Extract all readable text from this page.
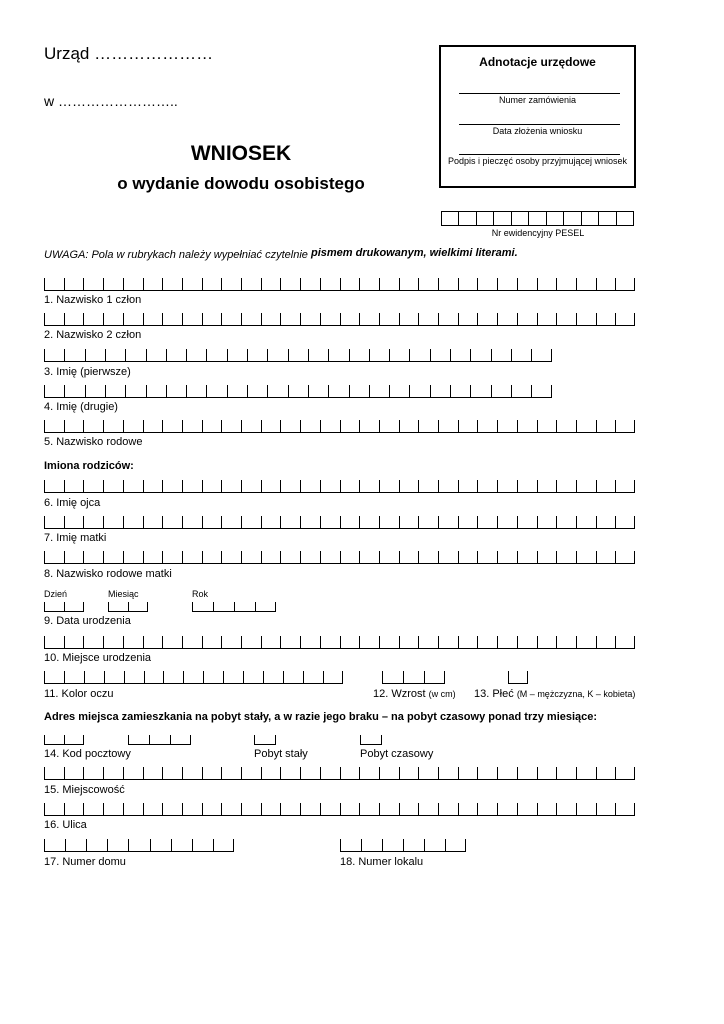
Urząd …………………
w ……………………..
WNIOSEK
o wydanie dowodu osobistego
Adnotacje urzędowe
Numer zamówienia
Data złożenia wniosku
Podpis i pieczęć osoby przyjmującej wniosek
Nr ewidencyjny PESEL
UWAGA: Pola w rubrykach należy wypełniać czytelnie pismem drukowanym, wielkimi literami.
1. Nazwisko 1 człon
2. Nazwisko 2 człon
3. Imię (pierwsze)
4. Imię (drugie)
5. Nazwisko rodowe
Imiona rodziców:
6. Imię ojca
7. Imię matki
8. Nazwisko rodowe matki
Dzień	Miesiąc	Rok
9. Data urodzenia
10. Miejsce urodzenia
11. Kolor oczu	12. Wzrost (w cm) 13. Płeć (M – mężczyzna, K – kobieta)
Adres miejsca zamieszkania na pobyt stały, a w razie jego braku – na pobyt czasowy ponad trzy miesiące:
14. Kod pocztowy	Pobyt stały	Pobyt czasowy
15. Miejscowość
16. Ulica
17. Numer domu	18. Numer lokalu
